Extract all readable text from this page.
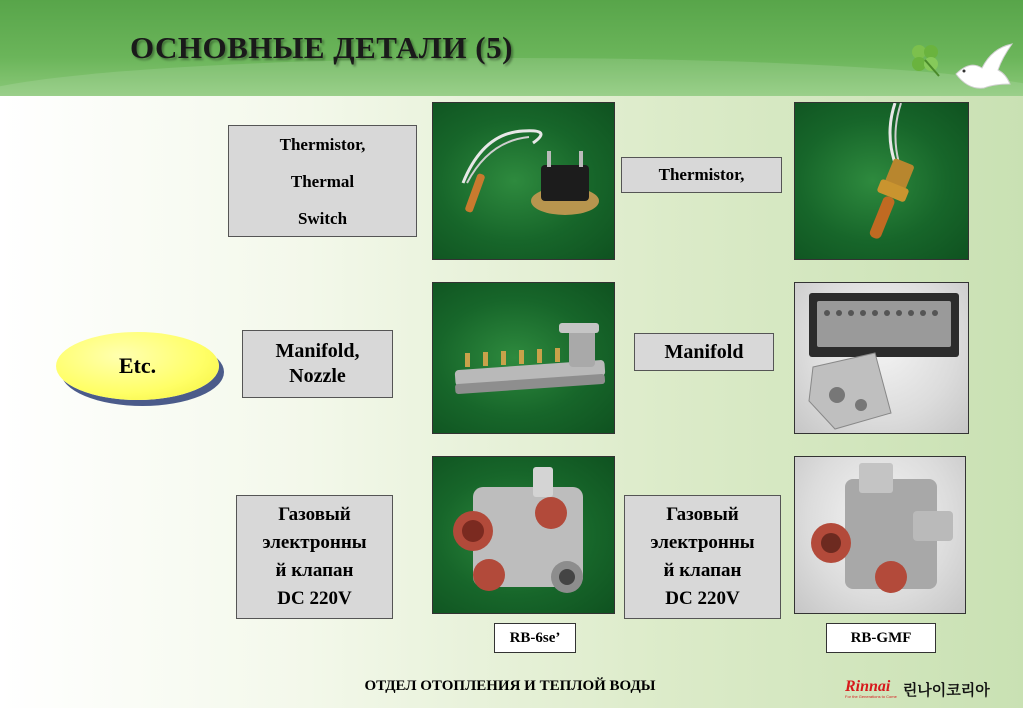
ОСНОВНЫЕ ДЕТАЛИ (5)
Thermistor,
Thermal
Switch
Thermistor,
Etc.
Manifold,
Nozzle
Manifold
Газовый
электронны
й клапан
DC 220V
Газовый
электронны
й клапан
DC 220V
RB-6se’	RB-GMF
ОТДЕЛ ОТОПЛЕНИЯ И ТЕПЛОЙ ВОДЫ	Rinnai
For the Generations to Come 린나이코리아
